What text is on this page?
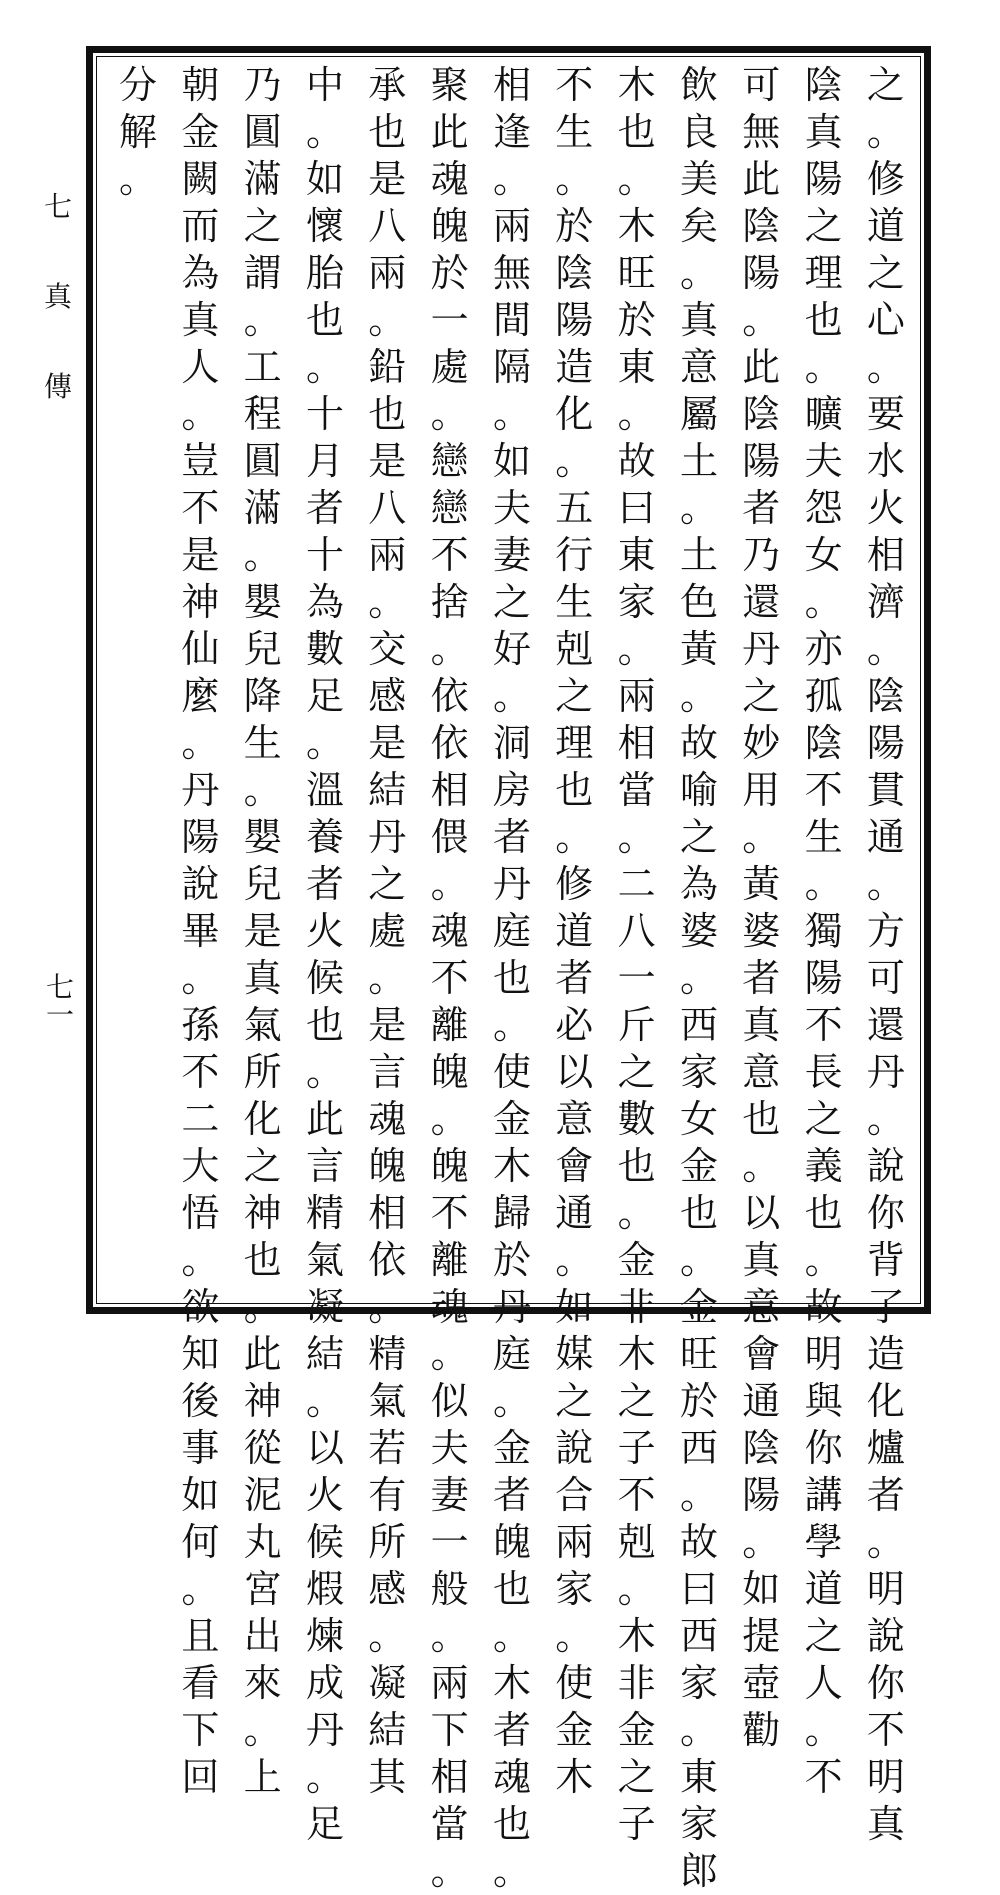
七
真
傳
七一
之
。
修
道
之
心
。
要
水
火
相
濟
。
陰
陽
貫
通
。
方
可
還
丹
。
說
你
背
了
造
化
爐
者
。
明
說
你
不
明
真
陰
真
陽
之
理
也
。
曠
夫
怨
女
。
亦
孤
陰
不
生
。
獨
陽
不
長
之
義
也
。
故
明
與
你
講
學
道
之
人
。
不
可
無
此
陰
陽
。
此
陰
陽
者
乃
還
丹
之
妙
用
。
黃
婆
者
真
意
也
。
以
真
意
會
通
陰
陽
。
如
提
壺
勸
飲
良
美
矣
。
真
意
屬
土
。
土
色
黃
。
故
喻
之
為
婆
。
西
家
女
金
也
。
金
旺
於
西
。
故
曰
西
家
。
東
家
郎
木
也
。
木
旺
於
東
。
故
曰
東
家
。
兩
相
當
。
二
八
一
斤
之
數
也
。
金
非
木
之
子
不
剋
。
木
非
金
之
子
不
生
。
於
陰
陽
造
化
。
五
行
生
剋
之
理
也
。
修
道
者
必
以
意
會
通
。
如
媒
之
說
合
兩
家
。
使
金
木
相
逢
。
兩
無
間
隔
。
如
夫
妻
之
好
。
洞
房
者
丹
庭
也
。
使
金
木
歸
於
丹
庭
。
金
者
魄
也
。
木
者
魂
也
。
聚
此
魂
魄
於
一
處
。
戀
戀
不
捨
。
依
依
相
偎
。
魂
不
離
魄
。
魄
不
離
魂
。
似
夫
妻
一
般
。
兩
下
相
當
。
承
也
是
八
兩
。
鉛
也
是
八
兩
。
交
感
是
結
丹
之
處
。
是
言
魂
魄
相
依
。
精
氣
若
有
所
感
。
凝
結
其
中
。
如
懷
胎
也
。
十
月
者
十
為
數
足
。
溫
養
者
火
候
也
。
此
言
精
氣
凝
結
。
以
火
候
煆
煉
成
丹
。
足
乃
圓
滿
之
謂
。
工
程
圓
滿
。
嬰
兒
降
生
。
嬰
兒
是
真
氣
所
化
之
神
也
。
此
神
從
泥
丸
宮
出
來
。
上
朝
金
闕
而
為
真
人
。
豈
不
是
神
仙
麼
。
丹
陽
說
畢
。
孫
不
二
大
悟
。
欲
知
後
事
如
何
。
且
看
下
回
分
解
。
